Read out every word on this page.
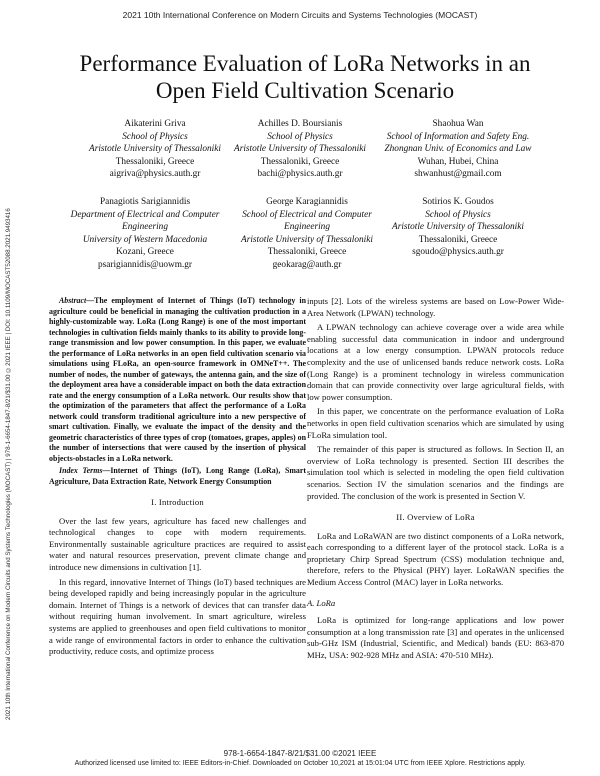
2021 10th International Conference on Modern Circuits and Systems Technologies (MOCAST)
2021 10th International Conference on Modern Circuits and Systems Technologies (MOCAST) | 978-1-6654-1847-8/21/$31.00 ©2021 IEEE | DOI: 10.1109/MOCAST52088.2021.9493416
Performance Evaluation of LoRa Networks in an
Open Field Cultivation Scenario
Aikaterini Griva
School of Physics
Aristotle University of Thessaloniki
Thessaloniki, Greece
aigriva@physics.auth.gr
Achilles D. Boursianis
School of Physics
Aristotle University of Thessaloniki
Thessaloniki, Greece
bachi@physics.auth.gr
Shaohua Wan
School of Information and Safety Eng.
Zhongnan Univ. of Economics and Law
Wuhan, Hubei, China
shwanhust@gmail.com
Panagiotis Sarigiannidis
Department of Electrical and Computer
Engineering
University of Western Macedonia
Kozani, Greece
psarigiannidis@uowm.gr
George Karagiannidis
School of Electrical and Computer
Engineering
Aristotle University of Thessaloniki
Thessaloniki, Greece
geokarag@auth.gr
Sotirios K. Goudos
School of Physics
Aristotle University of Thessaloniki
Thessaloniki, Greece
sgoudo@physics.auth.gr

Abstract—The employment of Internet of Things (IoT) technology in agriculture could be beneficial in managing the cultivation production in a highly-customizable way. LoRa (Long Range) is one of the most important technologies in cultivation fields mainly thanks to its ability to provide long-range transmission and low power consumption. In this paper, we evaluate the performance of LoRa networks in an open field cultivation scenario via simulations using FLoRa, an open-source framework in OMNeT++. The number of nodes, the number of gateways, the antenna gain, and the size of the deployment area have a considerable impact on both the data extraction rate and the energy consumption of a LoRa network. Our results show that the optimization of the parameters that affect the performance of a LoRa network could transform traditional agriculture into a new perspective of smart cultivation. Finally, we evaluate the impact of the density and the geometric characteristics of three types of crop (tomatoes, grapes, apples) on the number of intersections that were caused by the insertion of physical objects-obstacles in a LoRa network.

Index Terms—Internet of Things (IoT), Long Range (LoRa), Smart Agriculture, Data Extraction Rate, Network Energy Consumption

I. Introduction

Over the last few years, agriculture has faced new challenges and technological changes to cope with modern requirements. Environmentally sustainable agriculture practices are required to assist water and natural resources preservation, prevent climate change and introduce new dimensions in cultivation [1].

In this regard, innovative Internet of Things (IoT) based techniques are being developed rapidly and being increasingly popular in the agriculture domain. Internet of Things is a network of devices that can transfer data without requiring human involvement. In smart agriculture, wireless systems are applied to greenhouses and open field cultivations to monitor a wide range of environmental factors in order to enhance the cultivation productivity, reduce costs, and optimize process

inputs [2]. Lots of the wireless systems are based on Low-Power Wide-Area Network (LPWAN) technology.

A LPWAN technology can achieve coverage over a wide area while enabling successful data communication in indoor and underground locations at a low energy consumption. LPWAN protocols reduce complexity and the use of unlicensed bands reduce network costs. LoRa (Long Range) is a prominent technology in wireless communication domain that can provide connectivity over large agricultural fields, with low power consumption.

In this paper, we concentrate on the performance evaluation of LoRa networks in open field cultivation scenarios which are simulated by using FLoRa simulation tool.

The remainder of this paper is structured as follows. In Section II, an overview of LoRa technology is presented. Section III describes the simulation tool which is selected in modeling the open field cultivation scenarios. Section IV the simulation scenarios and the findings are provided. The conclusion of the work is presented in Section V.

II. Overview of LoRa

LoRa and LoRaWAN are two distinct components of a LoRa network, each corresponding to a different layer of the protocol stack. LoRa is a proprietary Chirp Spread Spectrum (CSS) modulation technique and, therefore, refers to the Physical (PHY) layer. LoRaWAN specifies the Medium Access Control (MAC) layer in LoRa networks.

A. LoRa

LoRa is optimized for long-range applications and low power consumption at a long transmission rate [3] and operates in the unlicensed sub-GHz ISM (Industrial, Scientific, and Medical) bands (EU: 863-870 MHz, USA: 902-928 MHz and ASIA: 470-510 MHz).

978-1-6654-1847-8/21/$31.00 ©2021 IEEE
Authorized licensed use limited to: IEEE Editors-in-Chief. Downloaded on October 10,2021 at 15:01:04 UTC from IEEE Xplore. Restrictions apply.
